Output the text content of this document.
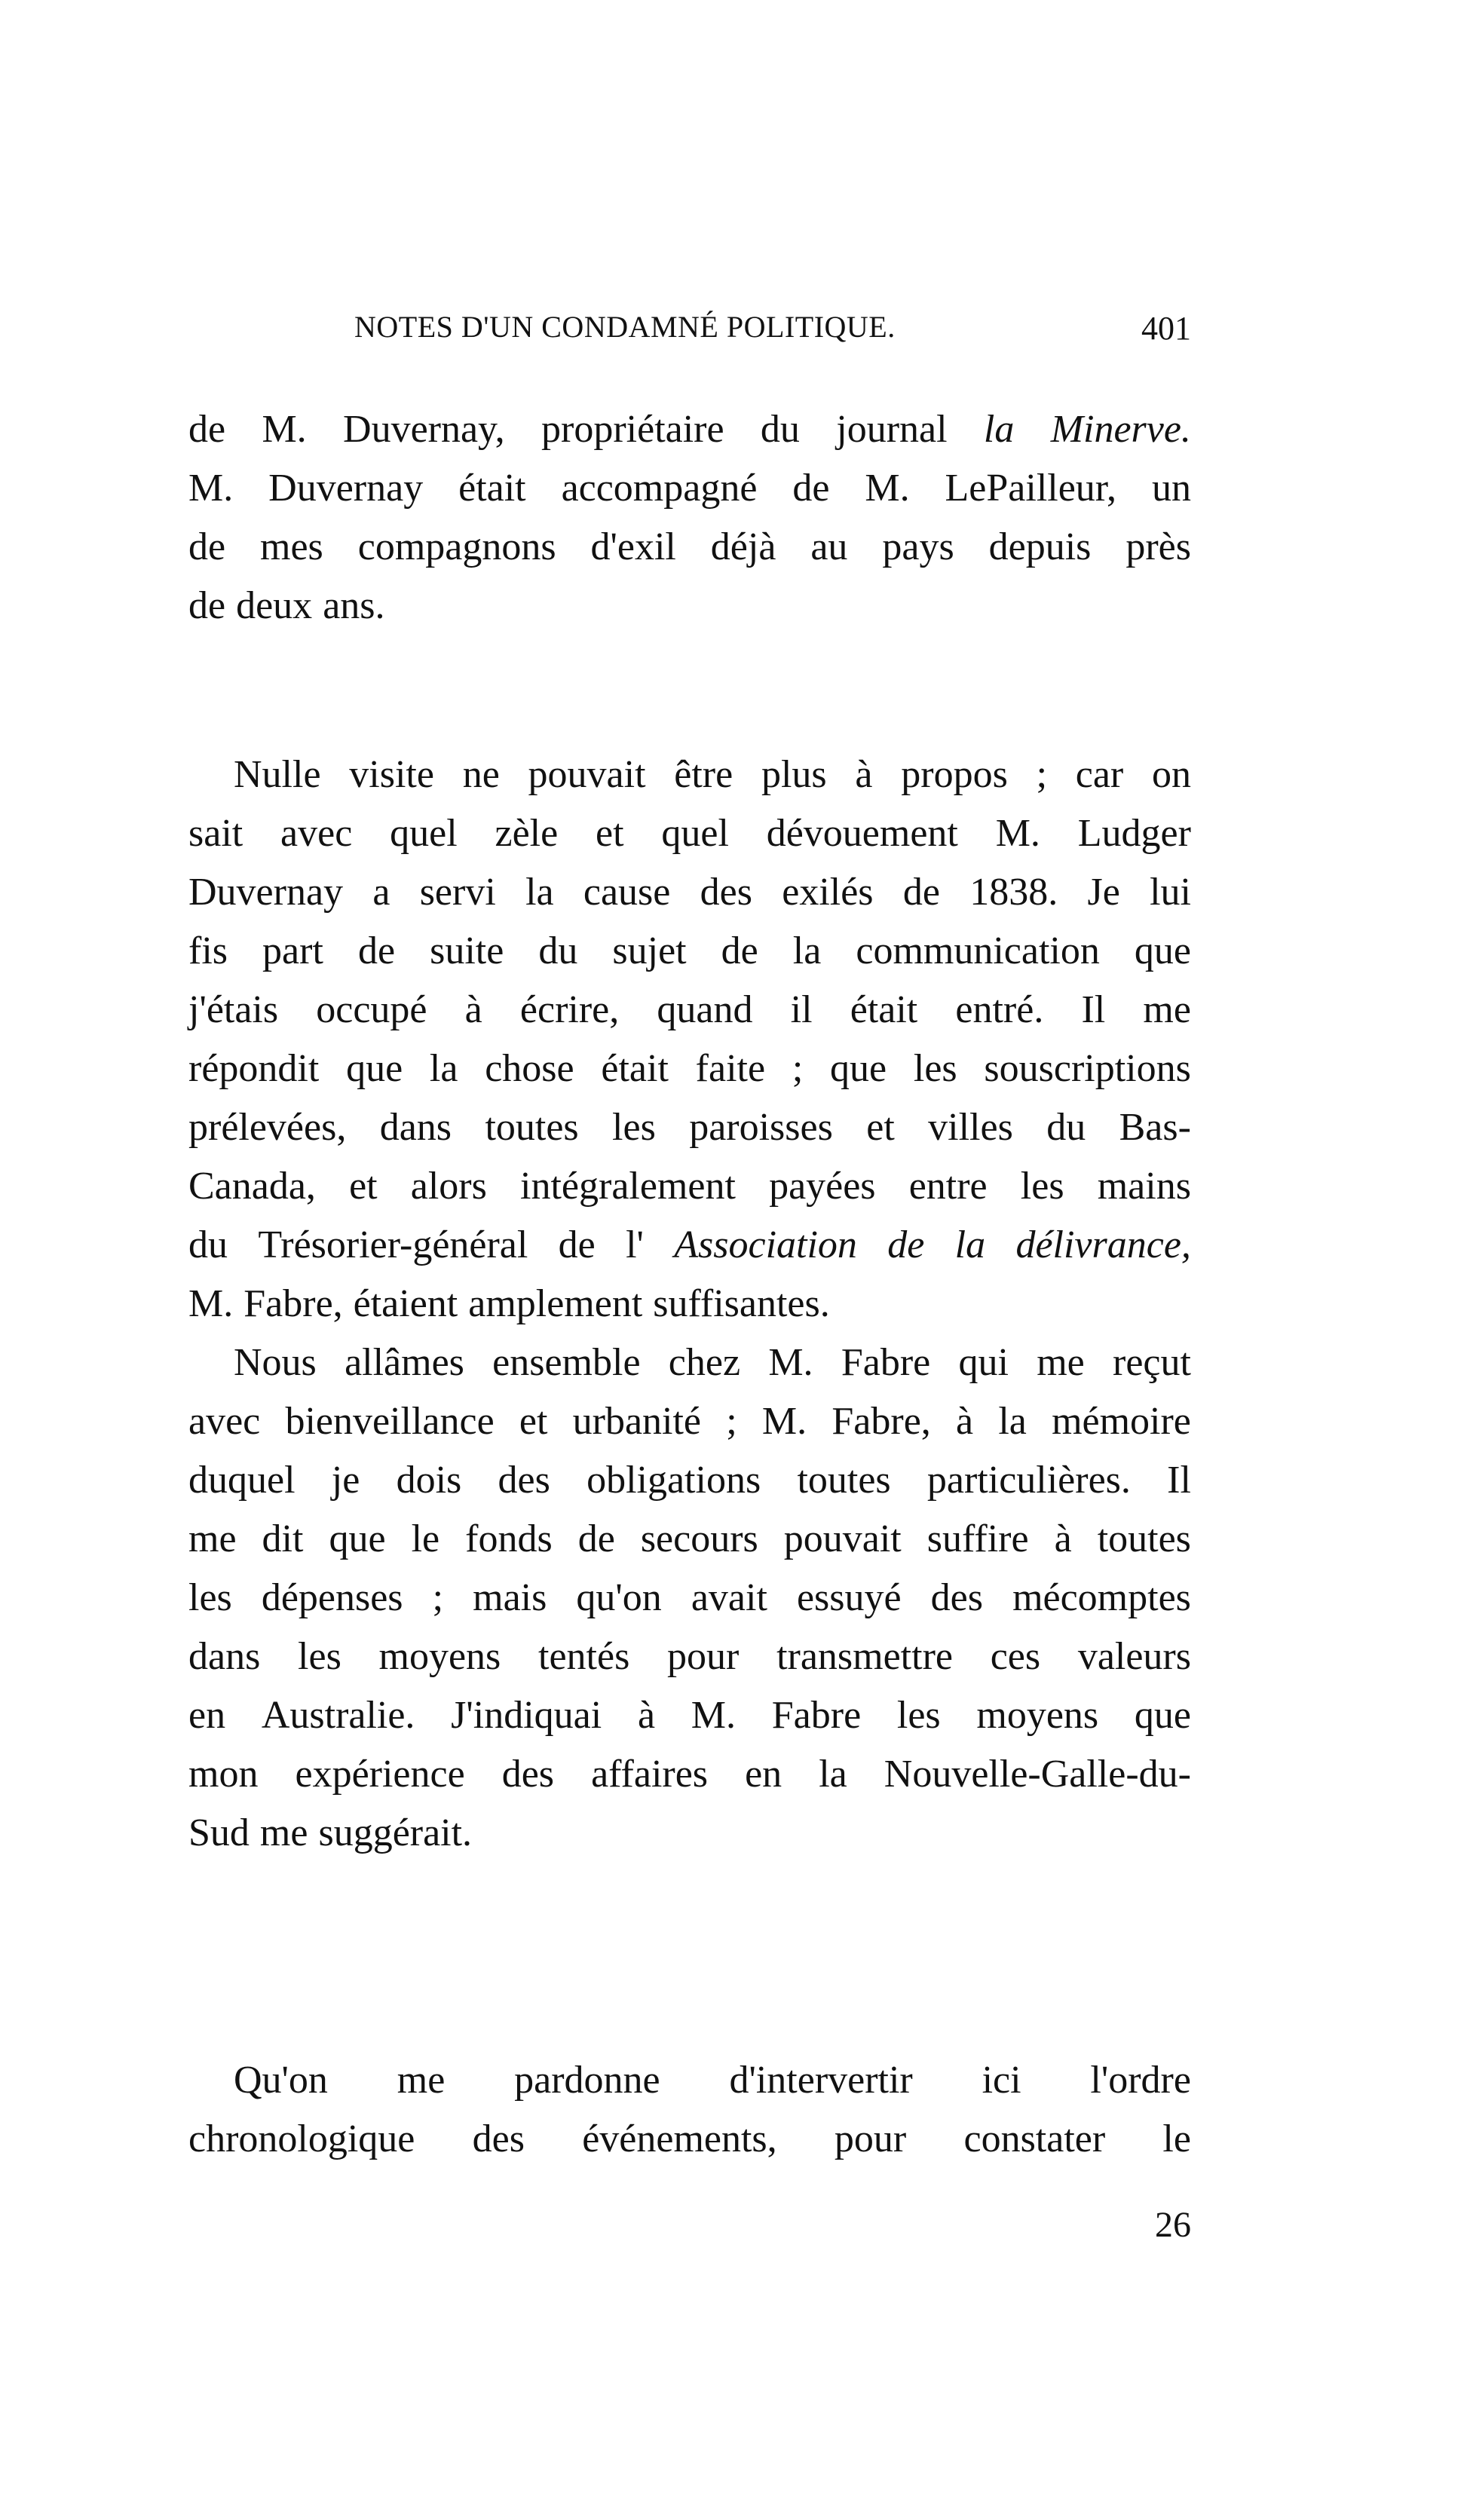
NOTES D'UN CONDAMNÉ POLITIQUE.	401
de M. Duvernay, propriétaire du journal la Minerve.
M. Duvernay était accompagné de M. LePailleur, un
de mes compagnons d'exil déjà au pays depuis près
de deux ans.
Nulle visite ne pouvait être plus à propos ; car on
sait avec quel zèle et quel dévouement M. Ludger
Duvernay a servi la cause des exilés de 1838. Je lui
fis part de suite du sujet de la communication que
j'étais occupé à écrire, quand il était entré. Il me
répondit que la chose était faite ; que les souscriptions
prélevées, dans toutes les paroisses et villes du Bas-
Canada, et alors intégralement payées entre les mains
du Trésorier-général de l' Association de la délivrance,
M. Fabre, étaient amplement suffisantes.
Nous allâmes ensemble chez M. Fabre qui me reçut
avec bienveillance et urbanité ; M. Fabre, à la mémoire
duquel je dois des obligations toutes particulières. Il
me dit que le fonds de secours pouvait suffire à toutes
les dépenses ; mais qu'on avait essuyé des mécomptes
dans les moyens tentés pour transmettre ces valeurs
en Australie. J'indiquai à M. Fabre les moyens que
mon expérience des affaires en la Nouvelle-Galle-du-
Sud me suggérait.
Qu'on me pardonne d'intervertir ici l'ordre
chronologique des événements, pour constater le
26
